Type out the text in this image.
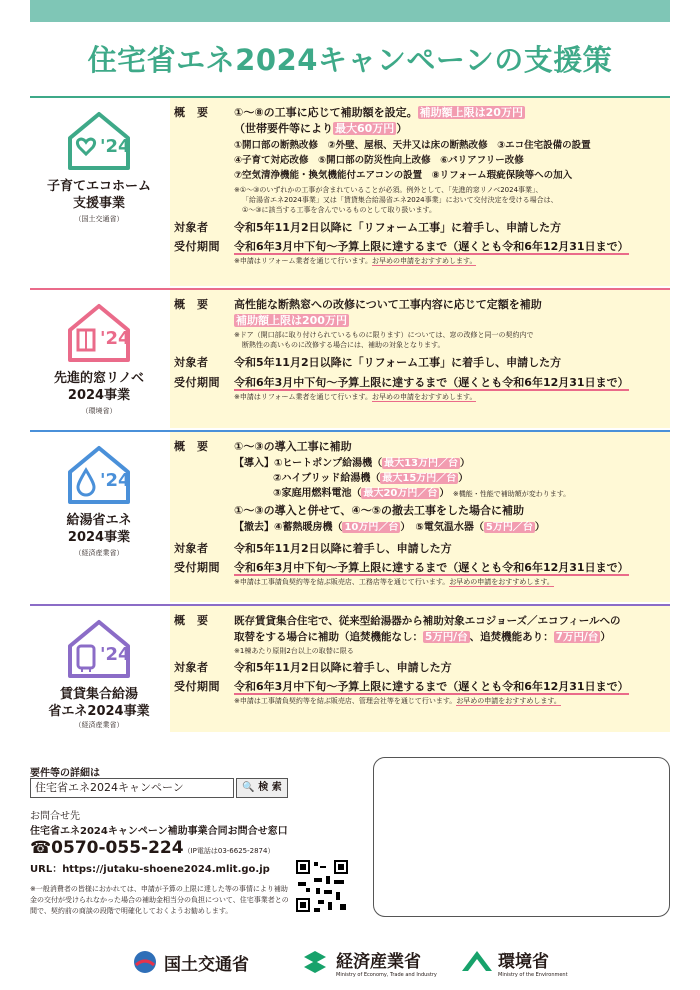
住宅省エネ2024キャンペーンの支援策
'24
子育てエコホーム
支援事業
（国土交通省）
概　要	①〜⑧の工事に応じて補助額を設定。 補助額上限は20万円
（世帯要件等により 最大60万円 ）
①開口部の断熱改修　②外壁、屋根、天井又は床の断熱改修　③エコ住宅設備の設置
④子育て対応改修　⑤開口部の防災性向上改修　⑥バリアフリー改修
⑦空気清浄機能・換気機能付エアコンの設置　⑧リフォーム瑕疵保険等への加入
※①〜③のいずれかの工事が含まれていることが必須。例外として、「先進的窓リノベ2024事業」、
「給湯省エネ2024事業」又は「賃貸集合給湯省エネ2024事業」において交付決定を受ける場合は、
①〜③に該当する工事を含んでいるものとして取り扱います。
対象者	令和5年11月2日以降に「リフォーム工事」に着手し、申請した方
受付期間	令和6年3月中下旬〜予算上限に達するまで（遅くとも令和6年12月31日まで）
※申請はリフォーム業者を通じて行います。お早めの申請をおすすめします。
'24
先進的窓リノベ
2024事業
（環境省）
概　要	高性能な断熱窓への改修について工事内容に応じて定額を補助
補助額上限は200万円
※ドア（開口部に取り付けられているものに限ります）については、窓の改修と同一の契約内で
断熱性の高いものに改修する場合には、補助の対象となります。
対象者	令和5年11月2日以降に「リフォーム工事」に着手し、申請した方
受付期間	令和6年3月中下旬〜予算上限に達するまで（遅くとも令和6年12月31日まで）
※申請はリフォーム業者を通じて行います。お早めの申請をおすすめします。
'24
給湯省エネ
2024事業
（経済産業省）
概　要	①〜③の導入工事に補助
【導入】①ヒートポンプ給湯機（ 最大13万円／台 ）
②ハイブリッド給湯機（ 最大15万円／台 ）
③家庭用燃料電池（ 最大20万円／台 ） ※機能・性能で補助額が変わります。
①〜③の導入と併せて、④〜⑤の撤去工事をした場合に補助
【撤去】④蓄熱暖房機（ 10万円／台 ）　 ⑤電気温水器（ 5万円／台 ）
対象者	令和5年11月2日以降に着手し、申請した方
受付期間	令和6年3月中下旬〜予算上限に達するまで（遅くとも令和6年12月31日まで）
※申請は工事請負契約等を結ぶ販売店、工務店等を通じて行います。お早めの申請をおすすめします。
'24
賃貸集合給湯
省エネ2024事業
（経済産業省）
概　要	既存賃貸集合住宅で、従来型給湯器から補助対象エコジョーズ／エコフィールへの
取替をする場合に補助（追焚機能なし： 5万円/台 、追焚機能あり： 7万円/台 ）
※1棟あたり原則2台以上の取替に限る
対象者	令和5年11月2日以降に着手し、申請した方
受付期間	令和6年3月中下旬〜予算上限に達するまで（遅くとも令和6年12月31日まで）
※申請は工事請負契約等を結ぶ販売店、管理会社等を通じて行います。お早めの申請をおすすめします。
要件等の詳細は
住宅省エネ2024キャンペーン	🔍 検 索
お問合せ先
住宅省エネ2024キャンペーン補助事業合同お問合せ窓口
☎0570-055-224（IP電話は03-6625-2874）
URL：https://jutaku-shoene2024.mlit.go.jp
※一般消費者の皆様におかれては、申請が予算の上限に達した等の事情により補助金の交付が受けられなかった場合の補助金相当分の負担について、住宅事業者との間で、契約前の商談の段階で明確化しておくようお勧めします。
国土交通省	経済産業省
Ministry of Economy, Trade and Industry
環境省
Ministry of the Environment
